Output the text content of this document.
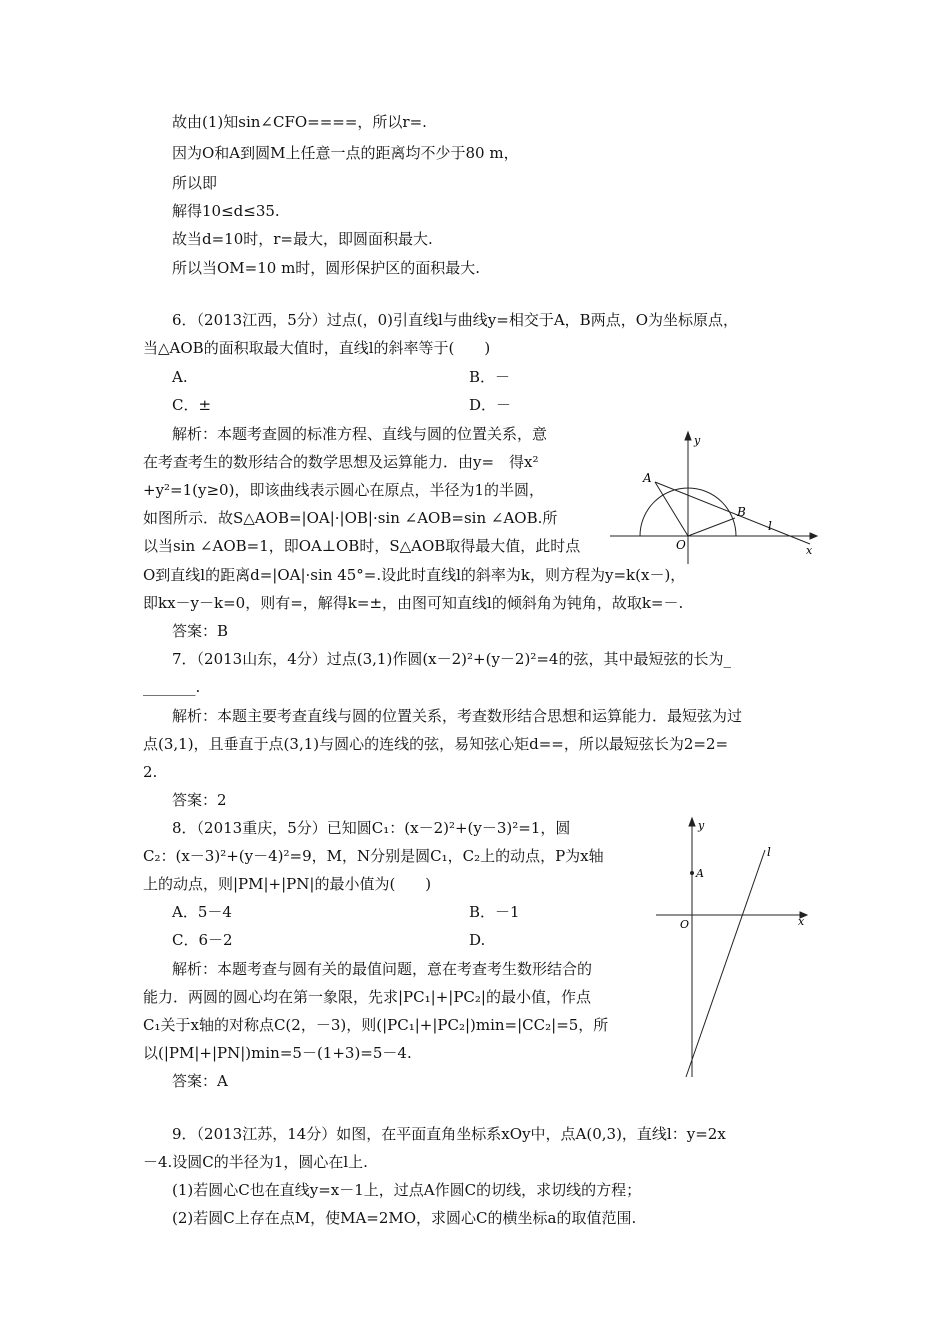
故由(1)知sin∠CFO====，所以r=.
因为O和A到圆M上任意一点的距离均不少于80 m，
所以即
解得10≤d≤35.
故当d=10时，r=最大，即圆面积最大.
所以当OM=10 m时，圆形保护区的面积最大.
6．（2013江西，5分）过点(，0)引直线l与曲线y=相交于A，B两点，O为坐标原点，
当△AOB的面积取最大值时，直线l的斜率等于(　　)
A.	B．－
C．±	D．－
解析：本题考查圆的标准方程、直线与圆的位置关系，意
在考查考生的数形结合的数学思想及运算能力．由y=　得x²
+y²=1(y≥0)，即该曲线表示圆心在原点，半径为1的半圆，
如图所示．故S△AOB=|OA|·|OB|·sin ∠AOB=sin ∠AOB.所
以当sin ∠AOB=1，即OA⊥OB时，S△AOB取得最大值，此时点
O到直线l的距离d=|OA|·sin 45°=.设此时直线l的斜率为k，则方程为y=k(x－)，
即kx－y－k=0，则有=，解得k=±，由图可知直线l的倾斜角为钝角，故取k=－.
答案：B
7．（2013山东，4分）过点(3,1)作圆(x－2)²+(y－2)²=4的弦，其中最短弦的长为_
_______.
解析：本题主要考查直线与圆的位置关系，考查数形结合思想和运算能力．最短弦为过
点(3,1)，且垂直于点(3,1)与圆心的连线的弦，易知弦心矩d==，所以最短弦长为2=2=
2.
答案：2
8．（2013重庆，5分）已知圆C₁：(x－2)²+(y－3)²=1，圆
C₂：(x－3)²+(y－4)²=9，M，N分别是圆C₁，C₂上的动点，P为x轴
上的动点，则|PM|+|PN|的最小值为(　　)
A．5－4	B．－1
C．6－2	D.
解析：本题考查与圆有关的最值问题，意在考查考生数形结合的
能力．两圆的圆心均在第一象限，先求|PC₁|+|PC₂|的最小值，作点
C₁关于x轴的对称点C(2，－3)，则(|PC₁|+|PC₂|)min=|CC₂|=5，所
以(|PM|+|PN|)min=5－(1+3)=5－4.
答案：A
9．（2013江苏，14分）如图，在平面直角坐标系xOy中，点A(0,3)，直线l：y=2x
－4.设圆C的半径为1，圆心在l上.
(1)若圆心C也在直线y=x－1上，过点A作圆C的切线，求切线的方程；
(2)若圆C上存在点M，使MA=2MO，求圆心C的横坐标a的取值范围.
y
x
A
B
O
l
y
x
A
O
l
